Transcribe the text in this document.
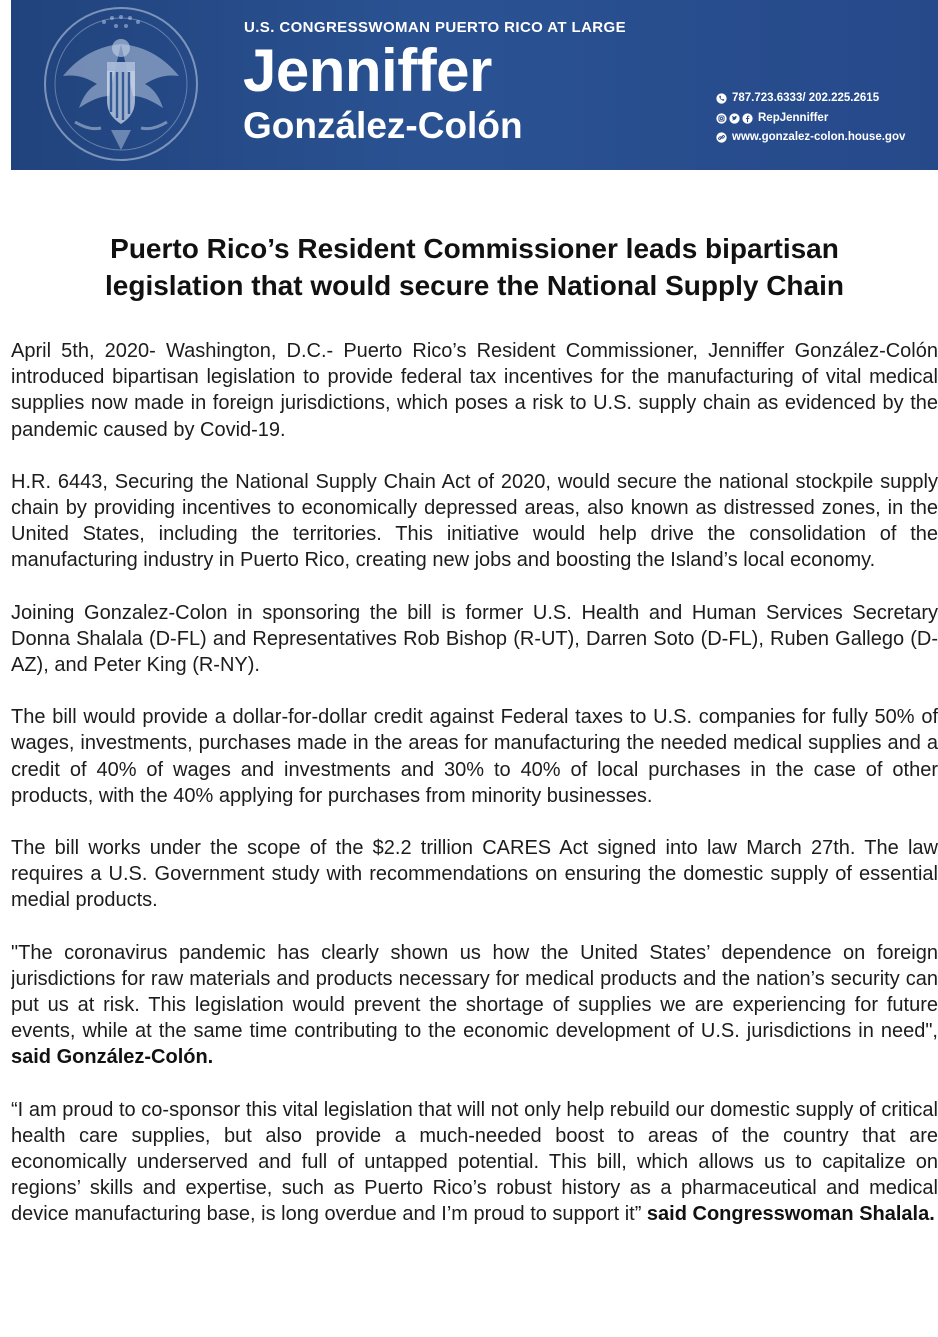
U.S. CONGRESSWOMAN PUERTO RICO AT LARGE
Jenniffer
González-Colón
787.723.6333/ 202.225.2615
RepJenniffer
www.gonzalez-colon.house.gov
Puerto Rico’s Resident Commissioner leads bipartisan
legislation that would secure the National Supply Chain

April 5th, 2020- Washington, D.C.- Puerto Rico’s Resident Commissioner, Jenniffer González-Colón introduced bipartisan legislation to provide federal tax incentives for the manufacturing of vital medical supplies now made in foreign jurisdictions, which poses a risk to U.S. supply chain as evidenced by the pandemic caused by Covid-19.

H.R. 6443, Securing the National Supply Chain Act of 2020, would secure the national stockpile supply chain by providing incentives to economically depressed areas, also known as distressed zones, in the United States, including the territories. This initiative would help drive the consolidation of the manufacturing industry in Puerto Rico, creating new jobs and boosting the Island’s local economy.

Joining Gonzalez-Colon in sponsoring the bill is former U.S. Health and Human Services Secretary Donna Shalala (D-FL) and Representatives Rob Bishop (R-UT), Darren Soto (D-FL), Ruben Gallego (D-AZ), and Peter King (R-NY).

The bill would provide a dollar-for-dollar credit against Federal taxes to U.S. companies for fully 50% of wages, investments, purchases made in the areas for manufacturing the needed medical supplies and a credit of 40% of wages and investments and 30% to 40% of local purchases in the case of other products, with the 40% applying for purchases from minority businesses.

The bill works under the scope of the $2.2 trillion CARES Act signed into law March 27th. The law requires a U.S. Government study with recommendations on ensuring the domestic supply of essential medial products.

"The coronavirus pandemic has clearly shown us how the United States’ dependence on foreign jurisdictions for raw materials and products necessary for medical products and the nation’s security can put us at risk. This legislation would prevent the shortage of supplies we are experiencing for future events, while at the same time contributing to the economic development of U.S. jurisdictions in need", said González-Colón.

“I am proud to co-sponsor this vital legislation that will not only help rebuild our domestic supply of critical health care supplies, but also provide a much-needed boost to areas of the country that are economically underserved and full of untapped potential. This bill, which allows us to capitalize on regions’ skills and expertise, such as Puerto Rico’s robust history as a pharmaceutical and medical device manufacturing base, is long overdue and I’m proud to support it” said Congresswoman Shalala.
